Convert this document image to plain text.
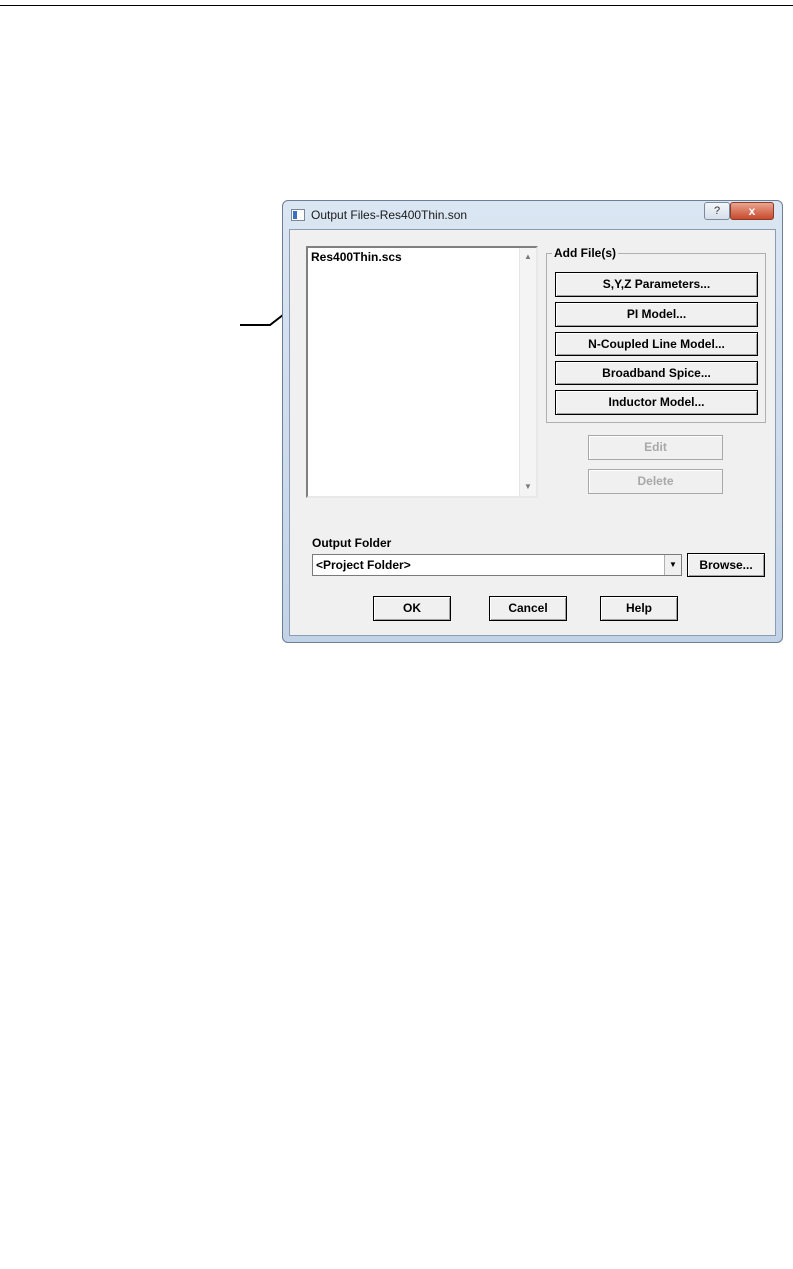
Output Files-Res400Thin.son	?	x
Res400Thin.scs	▲
▼
Add File(s)
S,Y,Z Parameters...
PI Model...
N-Coupled Line Model...
Broadband Spice...
Inductor Model...
Edit
Delete
Output Folder
<Project Folder>	▼	Browse...
OK	Cancel	Help
